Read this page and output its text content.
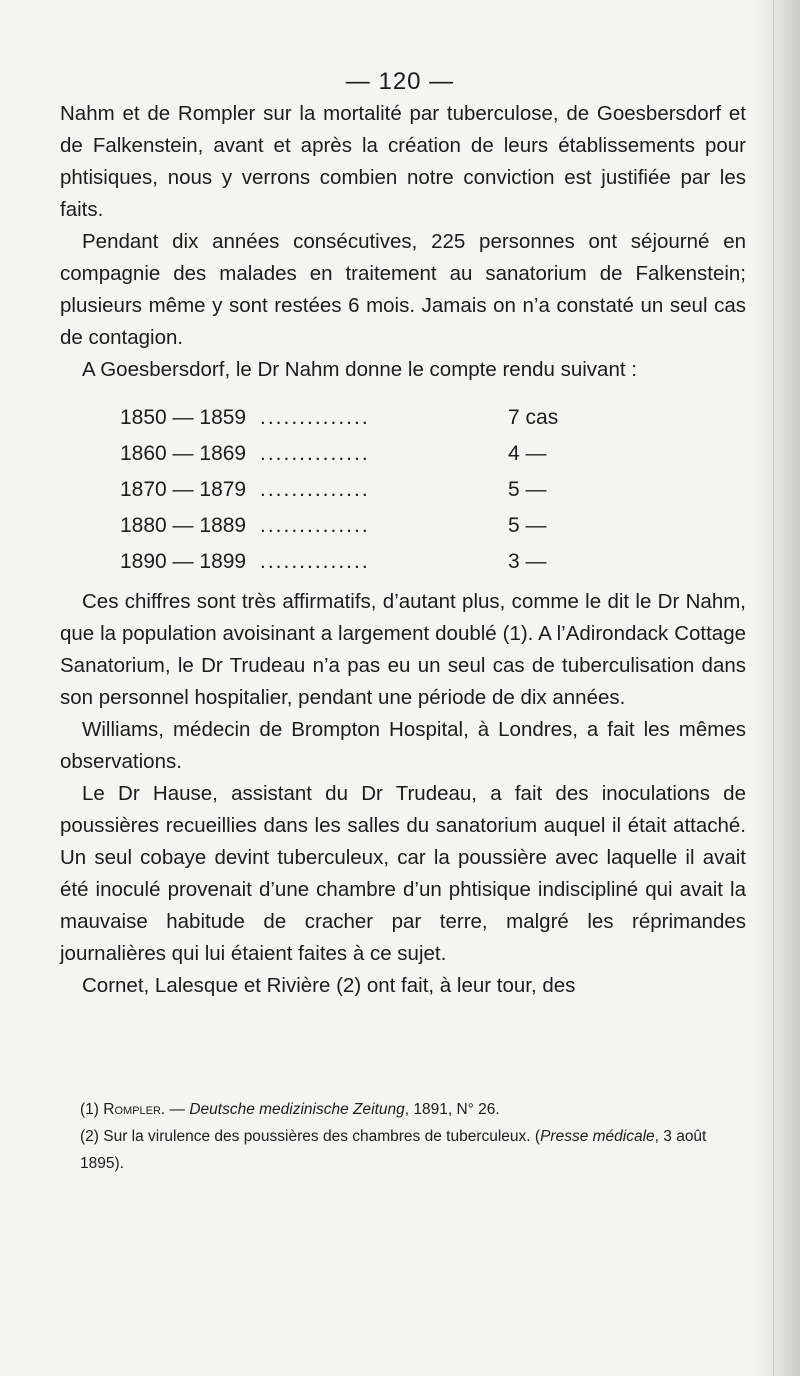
— 120 —

Nahm et de Rompler sur la mortalité par tuberculose, de Goesbersdorf et de Falkenstein, avant et après la création de leurs établissements pour phtisiques, nous y verrons combien notre conviction est justifiée par les faits.

Pendant dix années consécutives, 225 personnes ont séjourné en compagnie des malades en traitement au sanatorium de Falkenstein; plusieurs même y sont restées 6 mois. Jamais on n’a constaté un seul cas de contagion.

A Goesbersdorf, le Dr Nahm donne le compte rendu suivant :

1850 — 1859 ..............	7 cas
1860 — 1869 ..............	4 —
1870 — 1879 ..............	5 —
1880 — 1889 ..............	5 —
1890 — 1899 ..............	3 —

Ces chiffres sont très affirmatifs, d’autant plus, comme le dit le Dr Nahm, que la population avoisinant a largement doublé (1). A l’Adirondack Cottage Sanatorium, le Dr Trudeau n’a pas eu un seul cas de tuberculisation dans son personnel hospitalier, pendant une période de dix années.

Williams, médecin de Brompton Hospital, à Londres, a fait les mêmes observations.

Le Dr Hause, assistant du Dr Trudeau, a fait des inoculations de poussières recueillies dans les salles du sanatorium auquel il était attaché. Un seul cobaye devint tuberculeux, car la poussière avec laquelle il avait été inoculé provenait d’une chambre d’un phtisique indiscipliné qui avait la mauvaise habitude de cracher par terre, malgré les réprimandes journalières qui lui étaient faites à ce sujet.

Cornet, Lalesque et Rivière (2) ont fait, à leur tour, des

(1) Rompler. — Deutsche medizinische Zeitung, 1891, N° 26.

(2) Sur la virulence des poussières des chambres de tuberculeux. (Presse médicale, 3 août 1895).
